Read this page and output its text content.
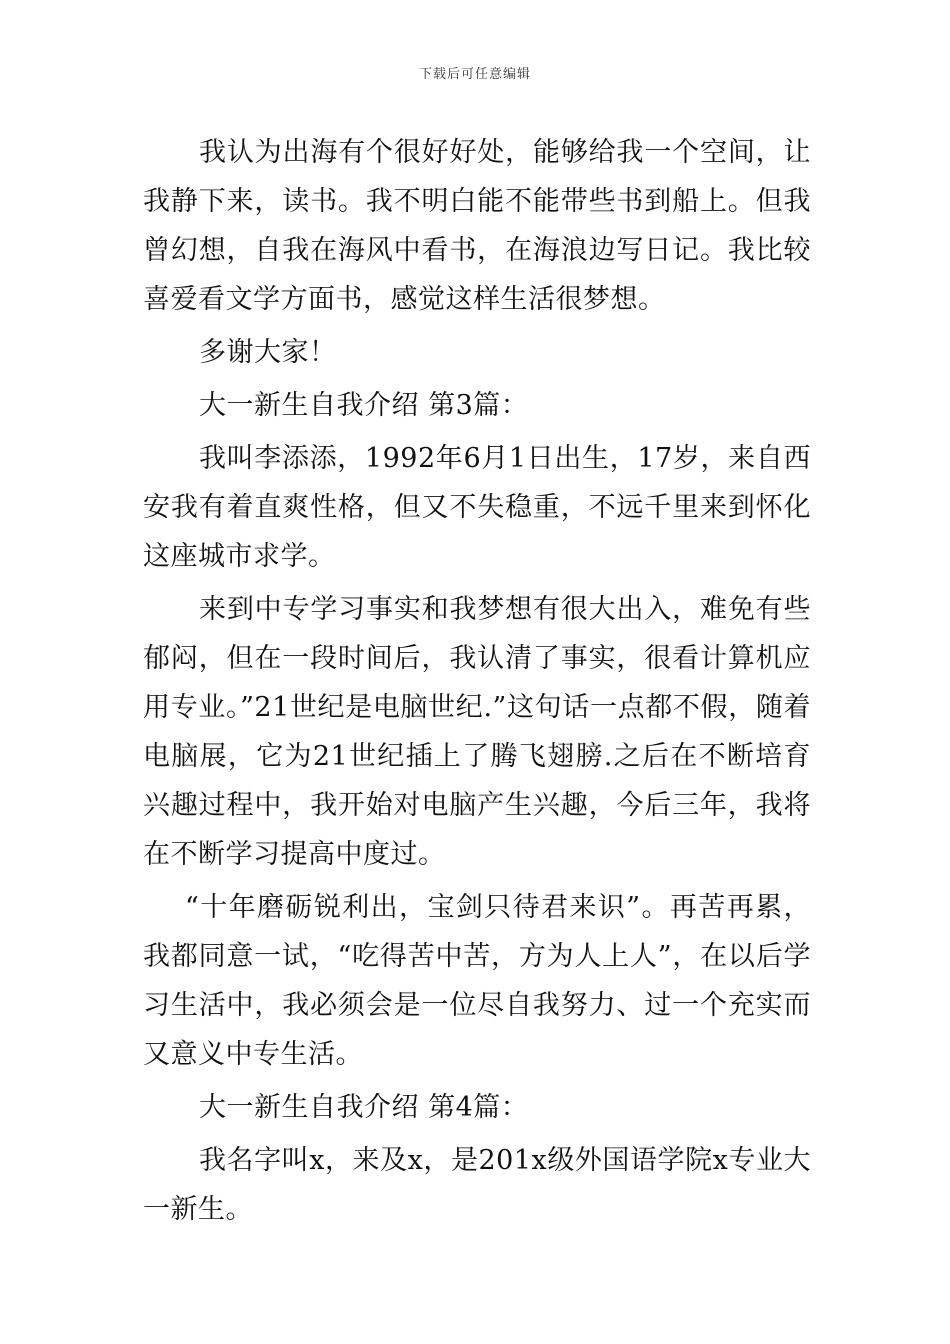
下载后可任意编辑

我认为出海有个很好好处，能够给我一个空间，让我静下来，读书。我不明白能不能带些书到船上。但我曾幻想，自我在海风中看书，在海浪边写日记。我比较喜爱看文学方面书，感觉这样生活很梦想。

多谢大家！

大一新生自我介绍 第3篇：

我叫李添添，1992年6月1日出生，17岁，来自西安我有着直爽性格，但又不失稳重，不远千里来到怀化这座城市求学。

来到中专学习事实和我梦想有很大出入，难免有些郁闷，但在一段时间后，我认清了事实，很看计算机应用专业。”21世纪是电脑世纪.”这句话一点都不假，随着电脑展，它为21世纪插上了腾飞翅膀.之后在不断培育兴趣过程中，我开始对电脑产生兴趣，今后三年，我将在不断学习提高中度过。

“十年磨砺锐利出，宝剑只待君来识”。再苦再累，我都同意一试，“吃得苦中苦，方为人上人”，在以后学习生活中，我必须会是一位尽自我努力、过一个充实而又意义中专生活。

大一新生自我介绍 第4篇：

我名字叫x，来及x，是201x级外国语学院x专业大一新生。
